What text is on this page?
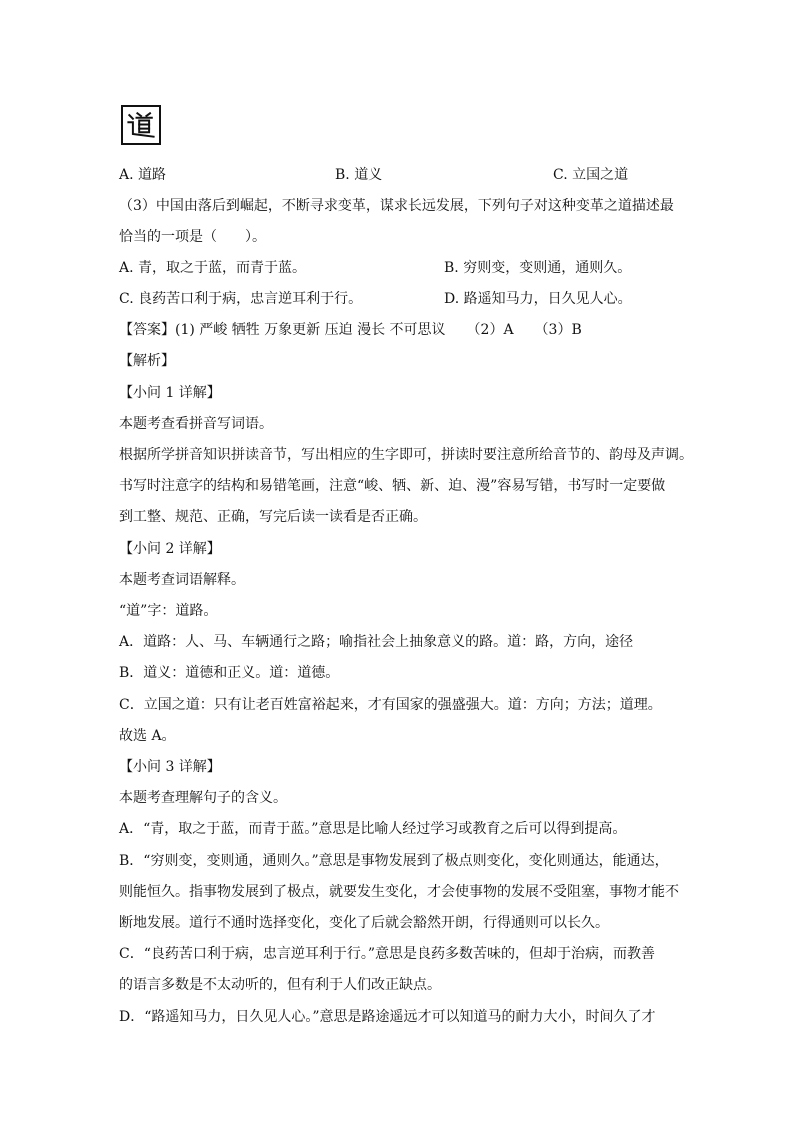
A. 道路	B. 道义	C. 立国之道
（3）中国由落后到崛起，不断寻求变革，谋求长远发展，下列句子对这种变革之道描述最
恰当的一项是（　　）。
A. 青，取之于蓝，而青于蓝。	B. 穷则变，变则通，通则久。
C. 良药苦口利于病，忠言逆耳利于行。	D. 路遥知马力，日久见人心。
【答案】(1) 严峻 牺牲 万象更新 压迫 漫长 不可思议　　（2）A　　（3）B
【解析】
【小问 1 详解】
本题考查看拼音写词语。
根据所学拼音知识拼读音节，写出相应的生字即可，拼读时要注意所给音节的、韵母及声调。
书写时注意字的结构和易错笔画，注意“峻、牺、新、迫、漫”容易写错，书写时一定要做
到工整、规范、正确，写完后读一读看是否正确。
【小问 2 详解】
本题考查词语解释。
“道”字：道路。
A．道路：人、马、车辆通行之路；喻指社会上抽象意义的路。道：路，方向，途径
B．道义：道德和正义。道：道德。
C．立国之道：只有让老百姓富裕起来，才有国家的强盛强大。道：方向；方法；道理。
故选 A。
【小问 3 详解】
本题考查理解句子的含义。
A．“青，取之于蓝，而青于蓝。”意思是比喻人经过学习或教育之后可以得到提高。
B．“穷则变，变则通，通则久。”意思是事物发展到了极点则变化，变化则通达，能通达，
则能恒久。指事物发展到了极点，就要发生变化，才会使事物的发展不受阻塞，事物才能不
断地发展。道行不通时选择变化，变化了后就会豁然开朗，行得通则可以长久。
C．“良药苦口利于病，忠言逆耳利于行。”意思是良药多数苦味的，但却于治病，而教善
的语言多数是不太动听的，但有利于人们改正缺点。
D．“路遥知马力，日久见人心。”意思是路途遥远才可以知道马的耐力大小，时间久了才
